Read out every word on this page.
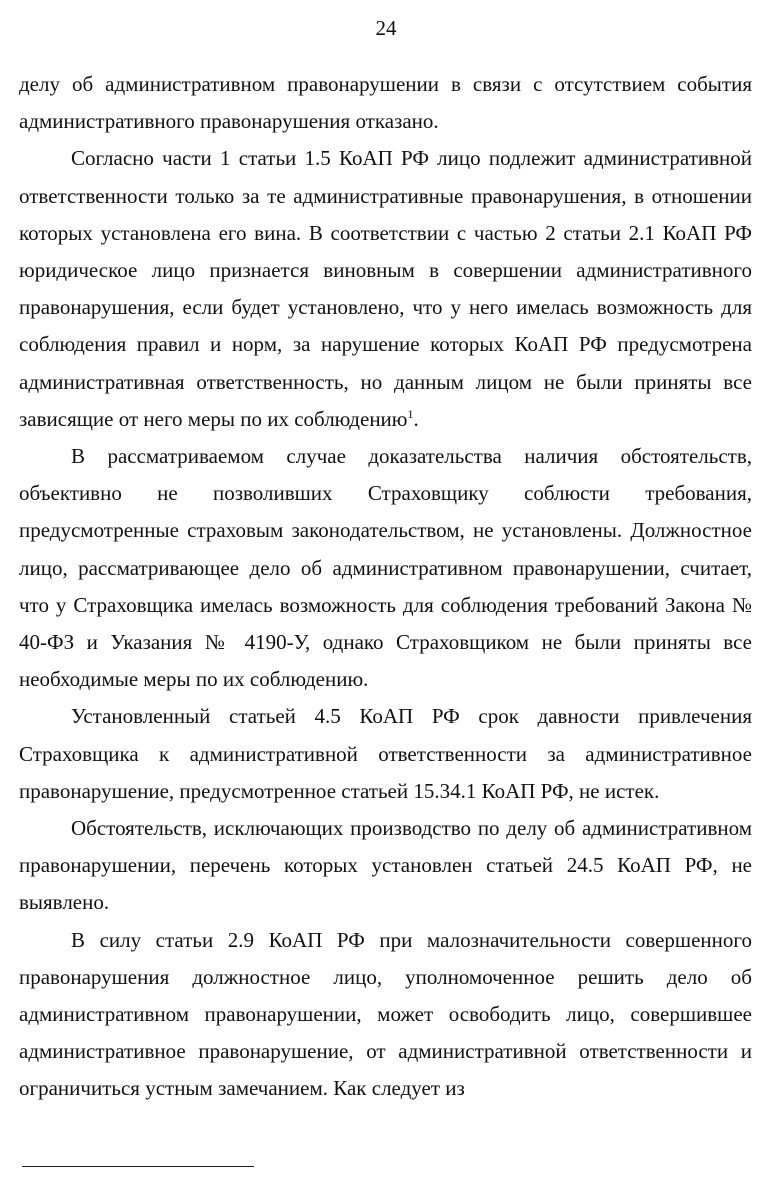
24

делу об административном правонарушении в связи с отсутствием события административного правонарушения отказано.

Согласно части 1 статьи 1.5 КоАП РФ лицо подлежит административной ответственности только за те административные правонарушения, в отношении которых установлена его вина. В соответствии с частью 2 статьи 2.1 КоАП РФ юридическое лицо признается виновным в совершении административного правонарушения, если будет установлено, что у него имелась возможность для соблюдения правил и норм, за нарушение которых КоАП РФ предусмотрена административная ответственность, но данным лицом не были приняты все зависящие от него меры по их соблюдению$^1$.

В рассматриваемом случае доказательства наличия обстоятельств, объективно не позволивших Страховщику соблюсти требования, предусмотренные страховым законодательством, не установлены. Должностное лицо, рассматривающее дело об административном правонарушении, считает, что у Страховщика имелась возможность для соблюдения требований Закона № 40-ФЗ и Указания № 4190-У, однако Страховщиком не были приняты все необходимые меры по их соблюдению.

Установленный статьей 4.5 КоАП РФ срок давности привлечения Страховщика к административной ответственности за административное правонарушение, предусмотренное статьей 15.34.1 КоАП РФ, не истек.

Обстоятельств, исключающих производство по делу об административном правонарушении, перечень которых установлен статьей 24.5 КоАП РФ, не выявлено.

В силу статьи 2.9 КоАП РФ при малозначительности совершенного правонарушения должностное лицо, уполномоченное решить дело об административном правонарушении, может освободить лицо, совершившее административное правонарушение, от административной ответственности и ограничиться устным замечанием. Как следует из
